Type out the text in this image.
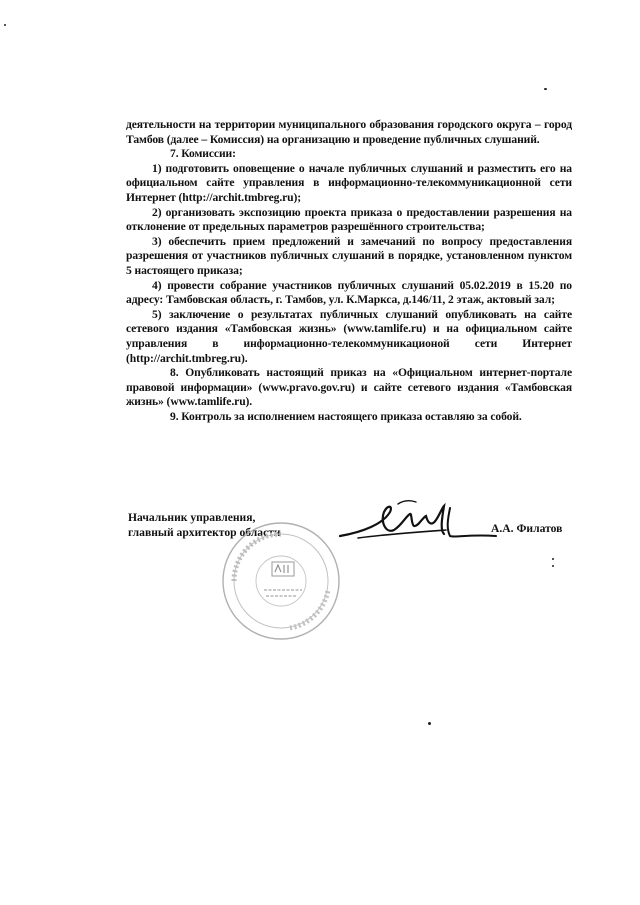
деятельности на территории муниципального образования городского округа – город Тамбов (далее – Комиссия) на организацию и проведение публичных слушаний.

7. Комиссии:

1) подготовить оповещение о начале публичных слушаний и разместить его на официальном сайте управления в информационно-телекоммуникационной сети Интернет (http://archit.tmbreg.ru);

2) организовать экспозицию проекта приказа о предоставлении разрешения на отклонение от предельных параметров разрешённого строительства;

3) обеспечить прием предложений и замечаний по вопросу предоставления разрешения от участников публичных слушаний в порядке, установленном пунктом 5 настоящего приказа;

4) провести собрание участников публичных слушаний 05.02.2019 в 15.20 по адресу: Тамбовская область, г. Тамбов, ул. К.Маркса, д.146/11, 2 этаж, актовый зал;

5) заключение о результатах публичных слушаний опубликовать на сайте сетевого издания «Тамбовская жизнь» (www.tamlife.ru) и на официальном сайте управления в информационно-телекоммуникационой сети Интернет (http://archit.tmbreg.ru).

8. Опубликовать настоящий приказ на «Официальном интернет-портале правовой информации» (www.pravo.gov.ru) и сайте сетевого издания «Тамбовская жизнь» (www.tamlife.ru).

9. Контроль за исполнением настоящего приказа оставляю за собой.

Начальник управления,
главный архитектор области	А.А. Филатов
